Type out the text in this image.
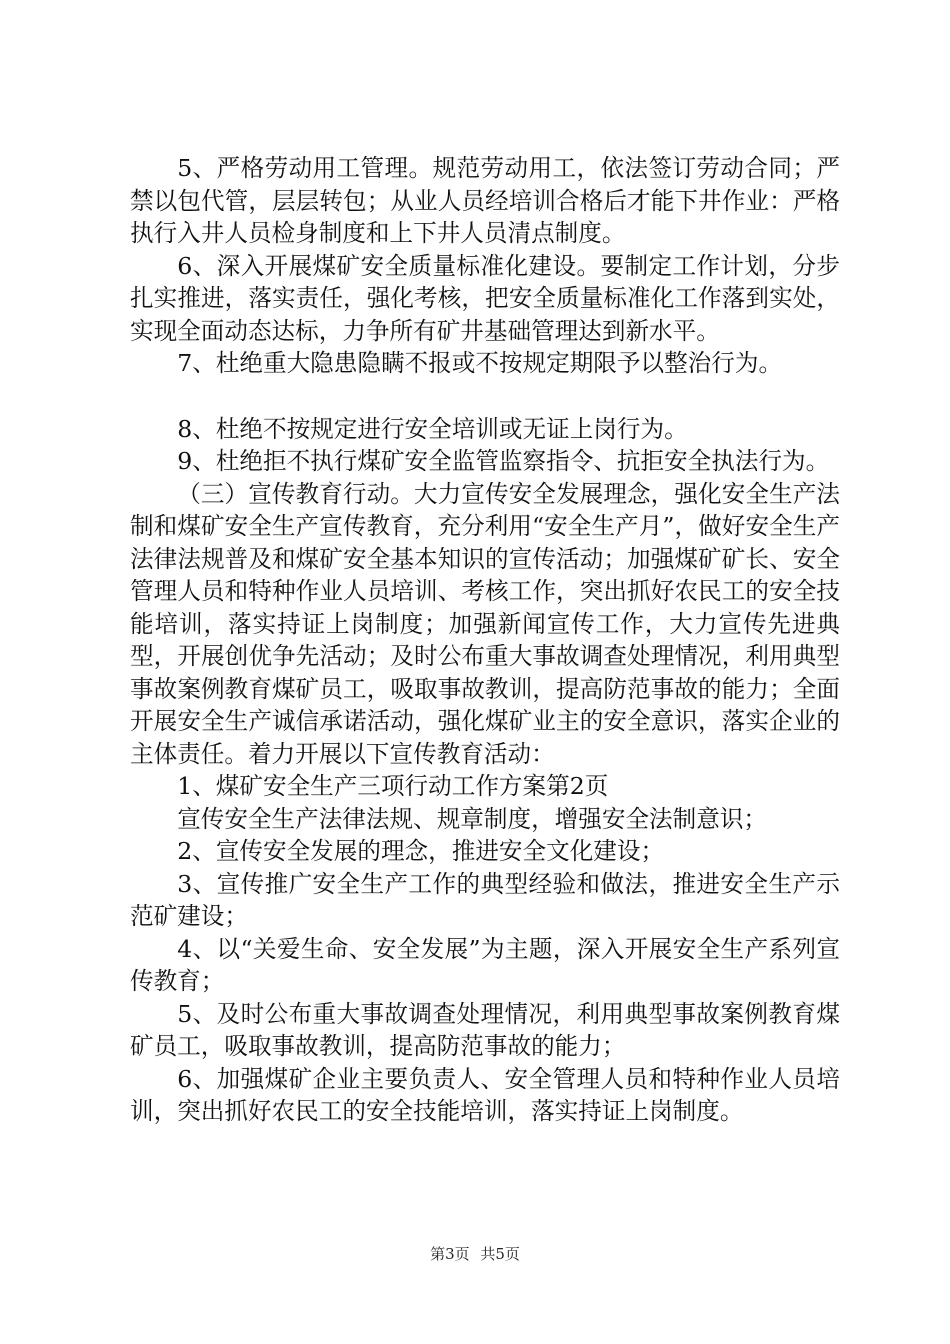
5、严格劳动用工管理。规范劳动用工，依法签订劳动合同；严禁以包代管，层层转包；从业人员经培训合格后才能下井作业：严格执行入井人员检身制度和上下井人员清点制度。

6、深入开展煤矿安全质量标准化建设。要制定工作计划，分步扎实推进，落实责任，强化考核，把安全质量标准化工作落到实处，实现全面动态达标，力争所有矿井基础管理达到新水平。

7、杜绝重大隐患隐瞒不报或不按规定期限予以整治行为。

8、杜绝不按规定进行安全培训或无证上岗行为。

9、杜绝拒不执行煤矿安全监管监察指令、抗拒安全执法行为。

（三）宣传教育行动。大力宣传安全发展理念，强化安全生产法制和煤矿安全生产宣传教育，充分利用“安全生产月”，做好安全生产法律法规普及和煤矿安全基本知识的宣传活动；加强煤矿矿长、安全管理人员和特种作业人员培训、考核工作，突出抓好农民工的安全技能培训，落实持证上岗制度；加强新闻宣传工作，大力宣传先进典型，开展创优争先活动；及时公布重大事故调查处理情况，利用典型事故案例教育煤矿员工，吸取事故教训，提高防范事故的能力；全面开展安全生产诚信承诺活动，强化煤矿业主的安全意识，落实企业的主体责任。着力开展以下宣传教育活动：

1、煤矿安全生产三项行动工作方案第2页

宣传安全生产法律法规、规章制度，增强安全法制意识；

2、宣传安全发展的理念，推进安全文化建设；

3、宣传推广安全生产工作的典型经验和做法，推进安全生产示范矿建设；

4、以“关爱生命、安全发展”为主题，深入开展安全生产系列宣传教育；

5、及时公布重大事故调查处理情况，利用典型事故案例教育煤矿员工，吸取事故教训，提高防范事故的能力；

6、加强煤矿企业主要负责人、安全管理人员和特种作业人员培训，突出抓好农民工的安全技能培训，落实持证上岗制度。

第3页 共5页
